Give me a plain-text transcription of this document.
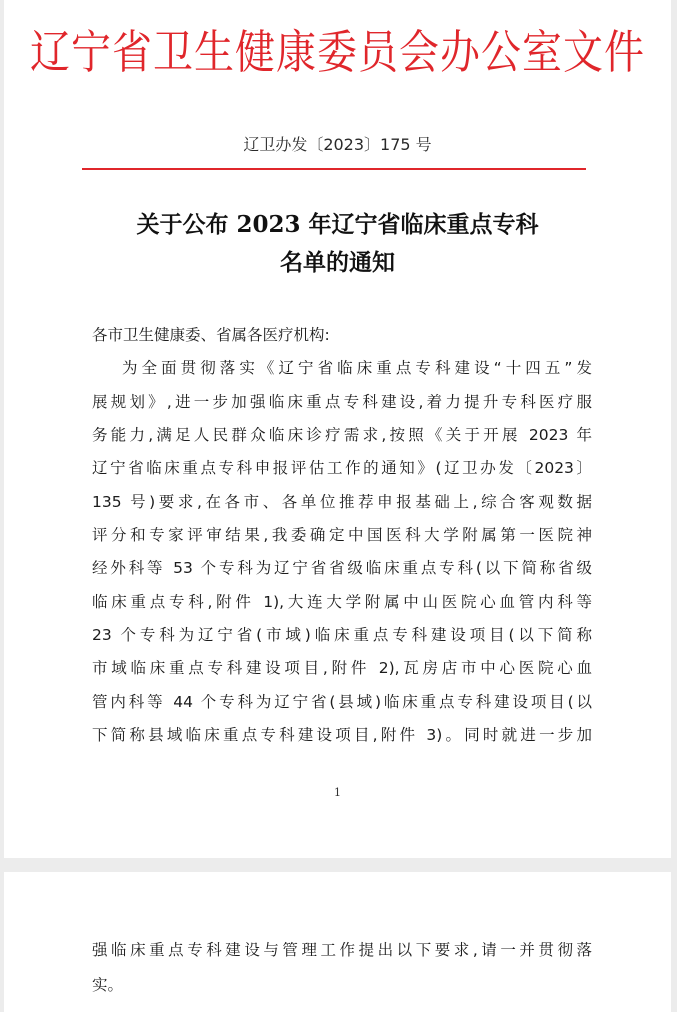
辽宁省卫生健康委员会办公室文件
辽卫办发〔2023〕175 号
关于公布 2023 年辽宁省临床重点专科
名单的通知
各市卫生健康委、省属各医疗机构:
为全面贯彻落实《辽宁省临床重点专科建设“十四五”发
展规划》,进一步加强临床重点专科建设,着力提升专科医疗服
务能力,满足人民群众临床诊疗需求,按照《关于开展 2023 年
辽宁省临床重点专科申报评估工作的通知》(辽卫办发〔2023〕
135 号)要求,在各市、各单位推荐申报基础上,综合客观数据
评分和专家评审结果,我委确定中国医科大学附属第一医院神
经外科等 53 个专科为辽宁省省级临床重点专科(以下简称省级
临床重点专科,附件 1),大连大学附属中山医院心血管内科等
23 个专科为辽宁省(市域)临床重点专科建设项目(以下简称
市域临床重点专科建设项目,附件 2),瓦房店市中心医院心血
管内科等 44 个专科为辽宁省(县域)临床重点专科建设项目(以
下简称县域临床重点专科建设项目,附件 3)。同时就进一步加
1
强临床重点专科建设与管理工作提出以下要求,请一并贯彻落
实。
